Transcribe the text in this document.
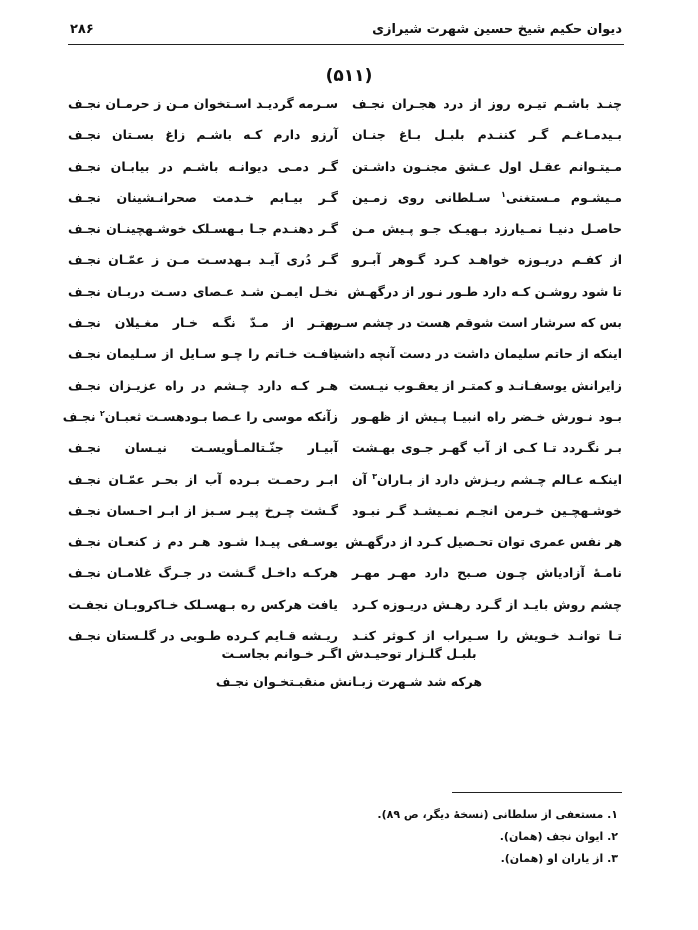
دیوان حکیم شیخ حسین شهرت شیرازی
۲۸۶
(۵۱۱)
چنـد باشـم تیـره روز از درد هجـران نجـف
سـرمه گردیـد اسـتخوان مـن ز حرمـان نجـف
بـیدمـاغـم گـر کننـدم بلبـل بـاغ جنـان
آرزو دارم کـه باشـم زاغ بسـتان نجـف
مـیتـوانم عقـل اول عـشق مجنـون داشـتن
گـر دمـی دیوانـه باشـم در بیابـان نجـف
مـیشـوم مـستغنی$^۱$ سـلطانی روی زمـین
گـر بیـابم خـدمت صحرانـشینان نجـف
حاصـل دنیـا نمـیارزد بـهیـک جـو پـیش مـن
گـر دهنـدم جـا بـهسـلک خوشـهچینـان نجـف
از کفـم دریـوزه خواهـد کـرد گـوهر آبـرو
گـر دُری آیـد بـهدسـت مـن ز عمّـان نجـف
تا شود روشـن کـه دارد طـور نـور از درگهـش
نخـل ایمـن شـد عـصای دسـت دربـان نجـف
بس که سرشار است شوقم هست در چشم سـرم
بهتـر از مـدّ نگـه خـار مغـیلان نجـف
اینکه از حاتم سلیمان داشت در دست آنچه داشت
یافـت خـاتم را چـو سـایل از سـلیمان نجـف
زایرانش یوسفـانـد و کمتـر از یعقـوب نیـست
هـر کـه دارد چـشم در راه عزیـزان نجـف
بـود نـورش خـضر راه انبیـا پـیش از ظهـور
زآنکه موسی را عـصا بـودهسـت ثعبـان$^۲$ نجـف
بـر نگـردد تـا کـی از آب گهـر جـوی بهـشت
آبیـار جنّـتالمـأویسـت نیـسان نجـف
اینکـه عـالم چـشم ریـزش دارد از بـاران$^۳$ آن
ابـر رحمـت بـرده آب از بحـر عمّـان نجـف
خوشـهچـین خـرمن انجـم نمـیشـد گـر نبـود
گـشت چـرخ پیـر سـبز از ابـر احـسان نجـف
هر نفس عمری توان تحـصیل کـرد از درگهـش
یوسـفی پیـدا شـود هـر دم ز کنعـان نجـف
نامـهٔ آزادیاش چـون صـبح دارد مهـر مهـر
هرکـه داخـل گـشت در جـرگ غلامـان نجـف
چشم روش بایـد از گـرد رهـش دریـوزه کـرد
یافت هرکس ره بـهسـلک خـاکروبـان نجفـت
تـا توانـد خـویش را سـیراب از کـوثر کنـد
ریـشه قـایم کـرده طـوبی در گلـستان نجـف
بلبـل گلـزار توحیـدش اگـر خـوانم بجاسـت
هرکه شد شـهرت زبـانش منقبـتخـوان نجـف
۱. مستعفی از سلطانی (نسخهٔ دیگر، ص ۸۹).
۲. ایوان نجف (همان).
۳. از یاران او (همان).
